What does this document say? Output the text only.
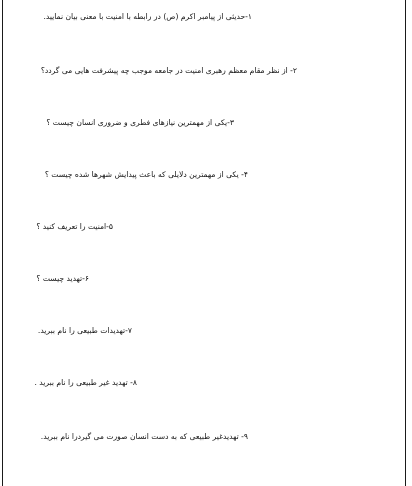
۱-حدیثی از پیامبر اکرم (ص) در رابطه با امنیت با معنی بیان نمایید.
۲- از نظر مقام معظم رهبری امنیت در جامعه موجب چه پیشرفت هایی می گردد؟
۳-یکی از مهمترین نیازهای فطری و ضروری انسان چیست ؟
۴- یکی از مهمترین دلایلی که باعث پیدایش شهرها شده چیست ؟
۵-امنیت را تعریف کنید ؟
۶-تهدید چیست ؟
۷-تهدیدات طبیعی را نام ببرید.
۸- تهدید غیر طبیعی را نام ببرید .
۹- تهدیدغیر طبیعی که به دست انسان صورت می گیردرا نام ببرید.
